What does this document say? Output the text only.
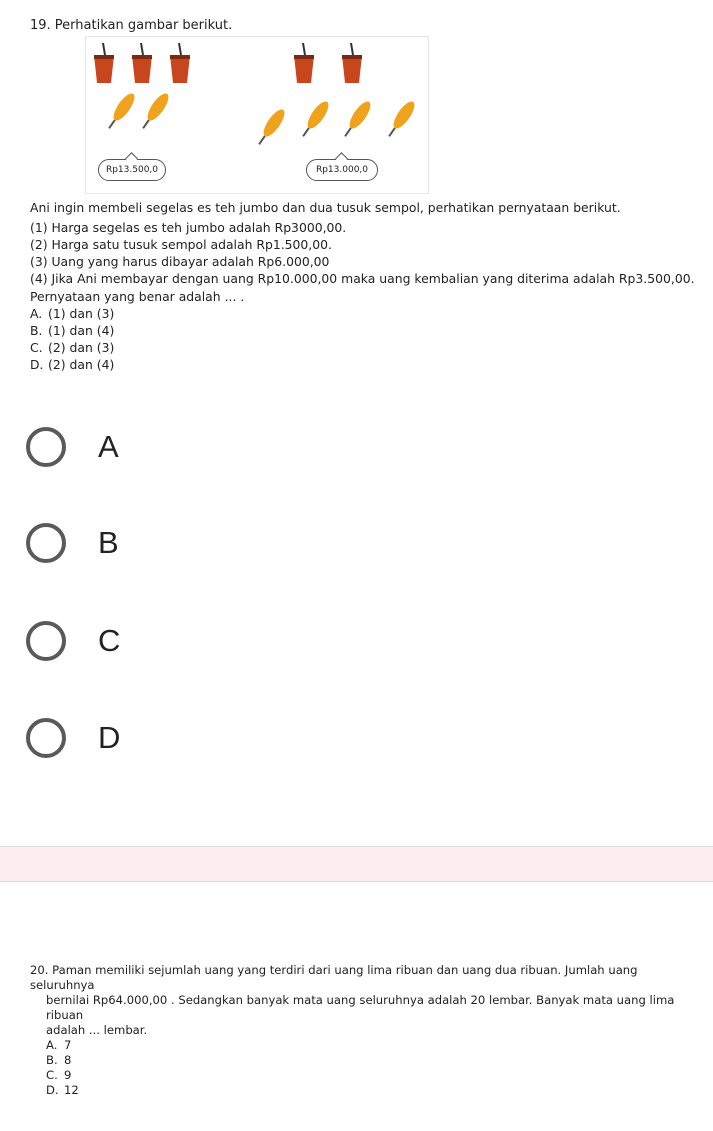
19. Perhatikan gambar berikut.
Rp13.500,0	Rp13.000,0
Ani ingin membeli segelas es teh jumbo dan dua tusuk sempol, perhatikan pernyataan berikut.
(1) Harga segelas es teh jumbo adalah Rp3000,00.
(2) Harga satu tusuk sempol adalah Rp1.500,00.
(3) Uang yang harus dibayar adalah Rp6.000,00
(4) Jika Ani membayar dengan uang Rp10.000,00 maka uang kembalian yang diterima adalah Rp3.500,00.
Pernyataan yang benar adalah ... .
A. (1) dan (3)
B. (1) dan (4)
C. (2) dan (3)
D. (2) dan (4)
A
B
C
D
20. Paman memiliki sejumlah uang yang terdiri dari uang lima ribuan dan uang dua ribuan. Jumlah uang seluruhnya
bernilai Rp64.000,00 . Sedangkan banyak mata uang seluruhnya adalah 20 lembar. Banyak mata uang lima ribuan
adalah ... lembar.
A. 7
B. 8
C. 9
D. 12
